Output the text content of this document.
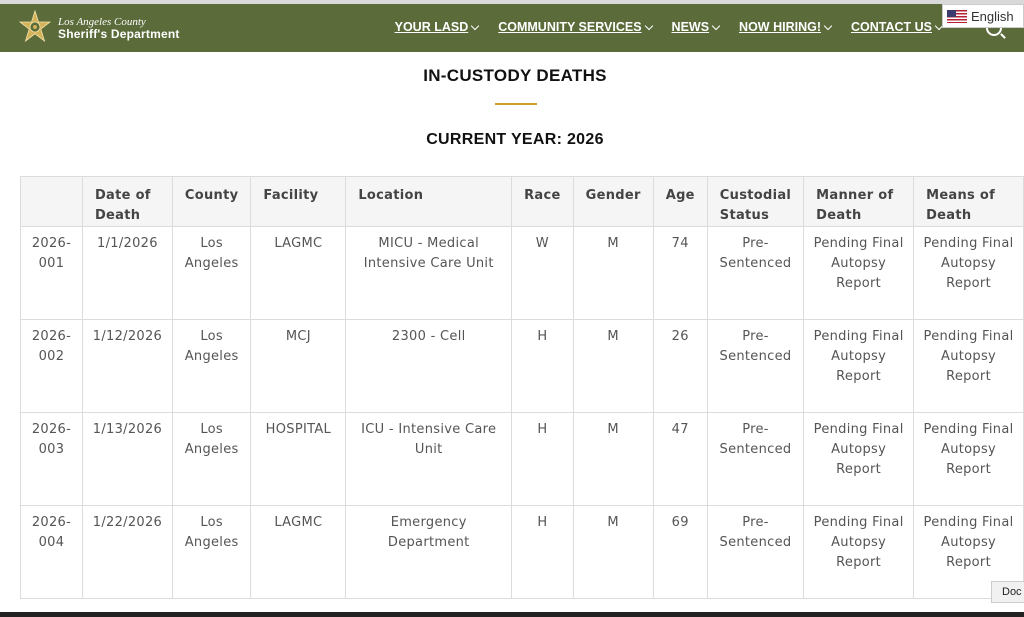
Los Angeles County
Sheriff's Department	YOUR LASD COMMUNITY SERVICES NEWS NOW HIRING! CONTACT US
English
IN-CUSTODY DEATHS
CURRENT YEAR: 2026
	Date of Death	County	Facility	Location	Race	Gender	Age	Custodial Status	Manner of Death	Means of Death
2026-001	1/1/2026	Los Angeles	LAGMC	MICU - Medical Intensive Care Unit	W	M	74	Pre-Sentenced	Pending Final Autopsy Report	Pending Final Autopsy Report
2026-002	1/12/2026	Los Angeles	MCJ	2300 - Cell	H	M	26	Pre-Sentenced	Pending Final Autopsy Report	Pending Final Autopsy Report
2026-003	1/13/2026	Los Angeles	HOSPITAL	ICU - Intensive Care Unit	H	M	47	Pre-Sentenced	Pending Final Autopsy Report	Pending Final Autopsy Report
2026-004	1/22/2026	Los Angeles	LAGMC	Emergency Department	H	M	69	Pre-Sentenced	Pending Final Autopsy Report	Pending Final Autopsy Report
Doc
